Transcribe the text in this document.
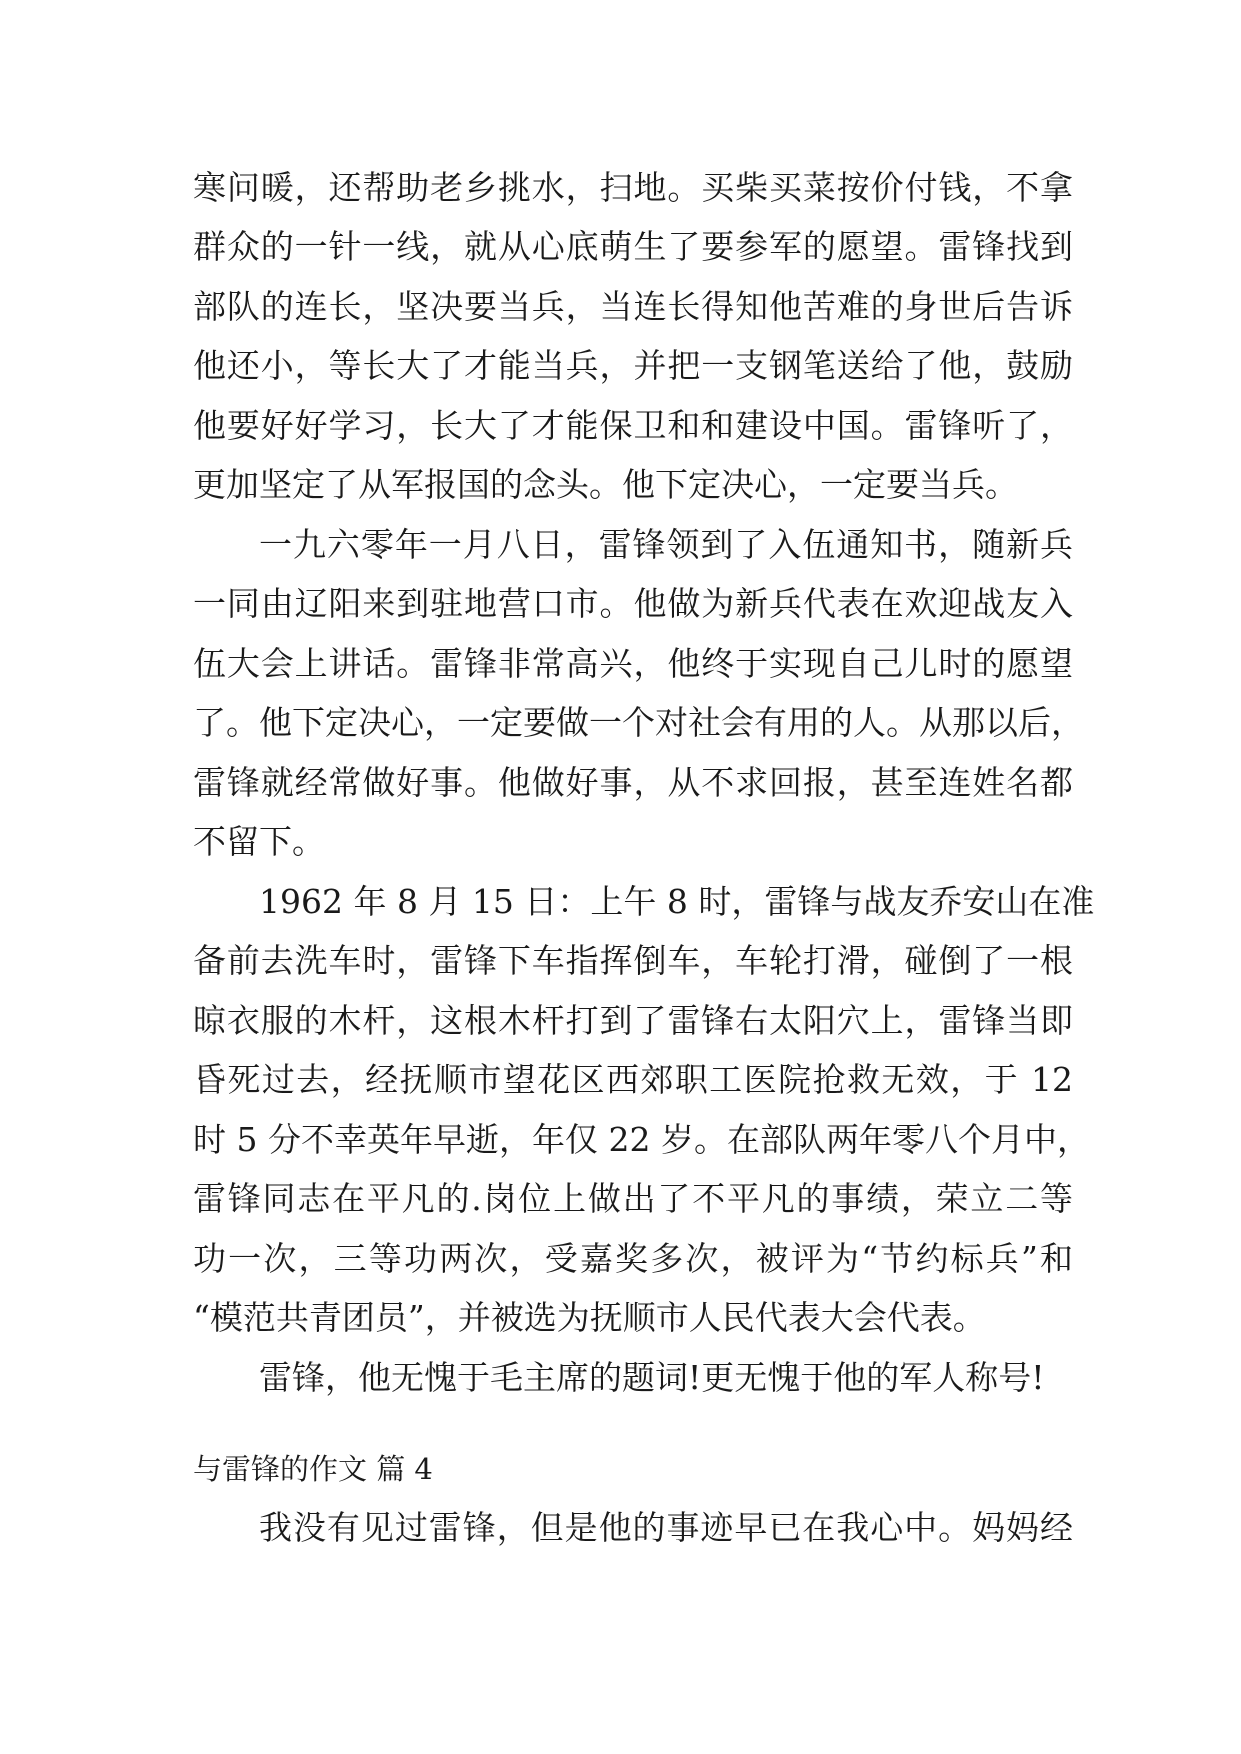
寒问暖，还帮助老乡挑水，扫地。买柴买菜按价付钱，不拿
群众的一针一线，就从心底萌生了要参军的愿望。雷锋找到
部队的连长，坚决要当兵，当连长得知他苦难的身世后告诉
他还小，等长大了才能当兵，并把一支钢笔送给了他，鼓励
他要好好学习，长大了才能保卫和和建设中国。雷锋听了，
更加坚定了从军报国的念头。他下定决心，一定要当兵。
一九六零年一月八日，雷锋领到了入伍通知书，随新兵
一同由辽阳来到驻地营口市。他做为新兵代表在欢迎战友入
伍大会上讲话。雷锋非常高兴，他终于实现自己儿时的愿望
了。他下定决心，一定要做一个对社会有用的人。从那以后，
雷锋就经常做好事。他做好事，从不求回报，甚至连姓名都
不留下。
1962 年 8 月 15 日：上午 8 时，雷锋与战友乔安山在准
备前去洗车时，雷锋下车指挥倒车，车轮打滑，碰倒了一根
晾衣服的木杆，这根木杆打到了雷锋右太阳穴上，雷锋当即
昏死过去，经抚顺市望花区西郊职工医院抢救无效，于 12
时 5 分不幸英年早逝，年仅 22 岁。在部队两年零八个月中，
雷锋同志在平凡的.岗位上做出了不平凡的事绩，荣立二等
功一次，三等功两次，受嘉奖多次，被评为“节约标兵”和
“模范共青团员”，并被选为抚顺市人民代表大会代表。
雷锋，他无愧于毛主席的题词!更无愧于他的军人称号!
与雷锋的作文 篇 4
我没有见过雷锋，但是他的事迹早已在我心中。妈妈经
